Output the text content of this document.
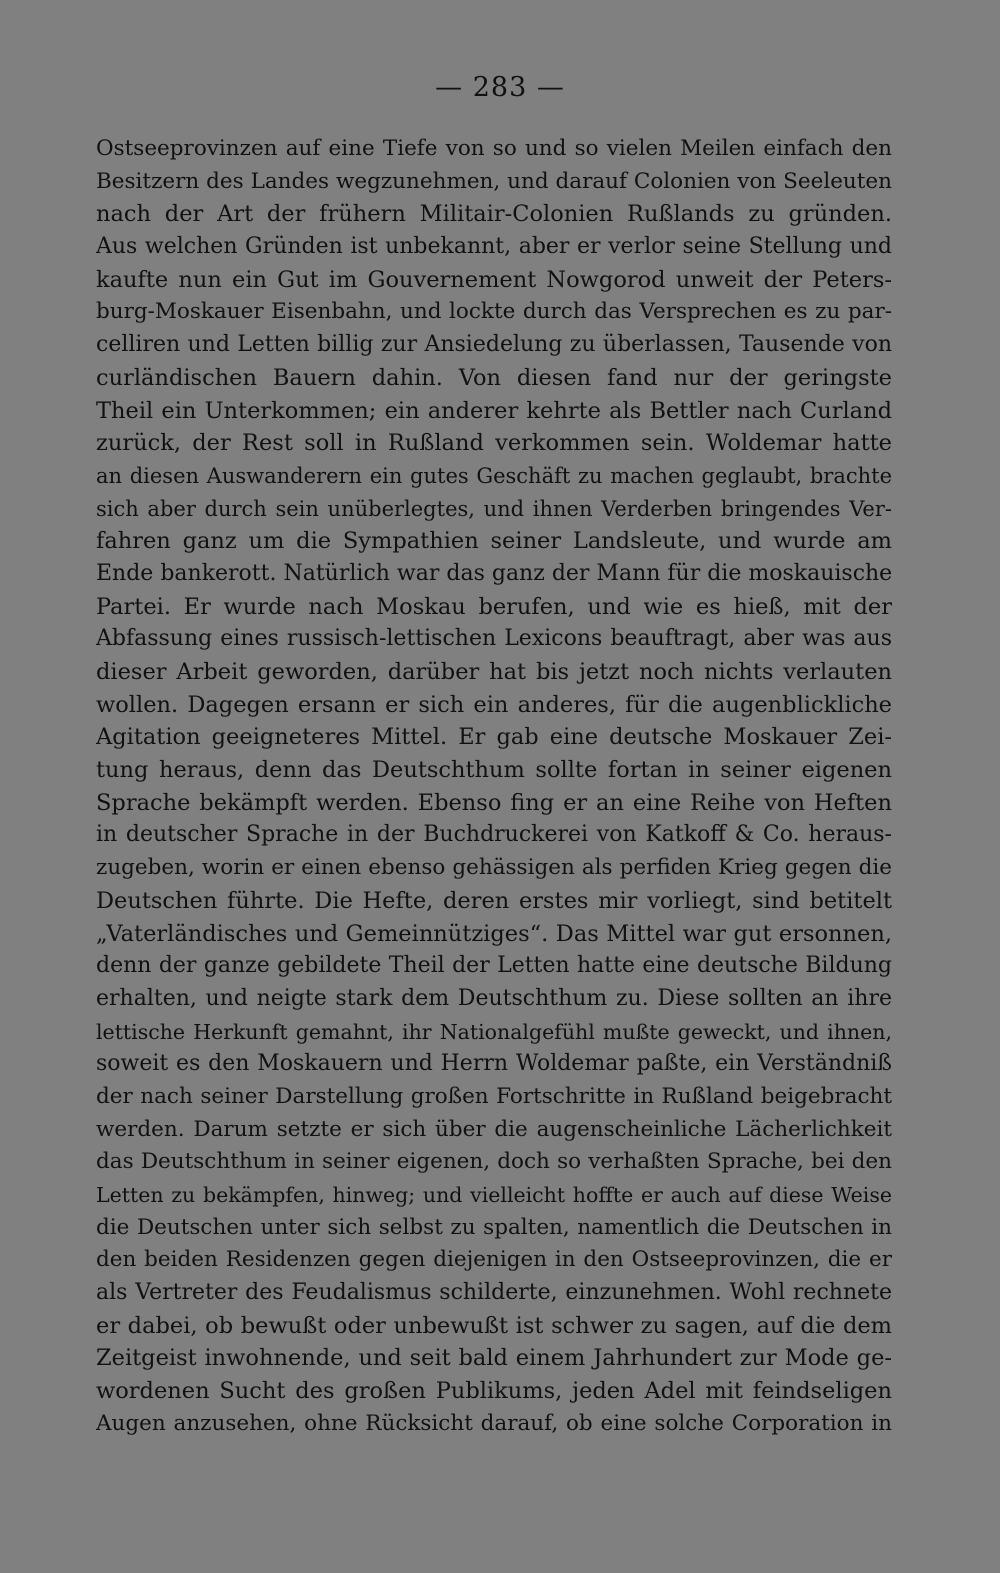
— 283 —
Ostseeprovinzen auf eine Tiefe von so und so vielen Meilen einfach den
Besitzern des Landes wegzunehmen, und darauf Colonien von Seeleuten
nach der Art der frühern Militair-Colonien Rußlands zu gründen.
Aus welchen Gründen ist unbekannt, aber er verlor seine Stellung und
kaufte nun ein Gut im Gouvernement Nowgorod unweit der Peters-
burg-Moskauer Eisenbahn, und lockte durch das Versprechen es zu par-
celliren und Letten billig zur Ansiedelung zu überlassen, Tausende von
curländischen Bauern dahin. Von diesen fand nur der geringste
Theil ein Unterkommen; ein anderer kehrte als Bettler nach Curland
zurück, der Rest soll in Rußland verkommen sein. Woldemar hatte
an diesen Auswanderern ein gutes Geschäft zu machen geglaubt, brachte
sich aber durch sein unüberlegtes, und ihnen Verderben bringendes Ver-
fahren ganz um die Sympathien seiner Landsleute, und wurde am
Ende bankerott. Natürlich war das ganz der Mann für die moskauische
Partei. Er wurde nach Moskau berufen, und wie es hieß, mit der
Abfassung eines russisch-lettischen Lexicons beauftragt, aber was aus
dieser Arbeit geworden, darüber hat bis jetzt noch nichts verlauten
wollen. Dagegen ersann er sich ein anderes, für die augenblickliche
Agitation geeigneteres Mittel. Er gab eine deutsche Moskauer Zei-
tung heraus, denn das Deutschthum sollte fortan in seiner eigenen
Sprache bekämpft werden. Ebenso fing er an eine Reihe von Heften
in deutscher Sprache in der Buchdruckerei von Katkoff & Co. heraus-
zugeben, worin er einen ebenso gehässigen als perfiden Krieg gegen die
Deutschen führte. Die Hefte, deren erstes mir vorliegt, sind betitelt
„Vaterländisches und Gemeinnütziges“. Das Mittel war gut ersonnen,
denn der ganze gebildete Theil der Letten hatte eine deutsche Bildung
erhalten, und neigte stark dem Deutschthum zu. Diese sollten an ihre
lettische Herkunft gemahnt, ihr Nationalgefühl mußte geweckt, und ihnen,
soweit es den Moskauern und Herrn Woldemar paßte, ein Verständniß
der nach seiner Darstellung großen Fortschritte in Rußland beigebracht
werden. Darum setzte er sich über die augenscheinliche Lächerlichkeit
das Deutschthum in seiner eigenen, doch so verhaßten Sprache, bei den
Letten zu bekämpfen, hinweg; und vielleicht hoffte er auch auf diese Weise
die Deutschen unter sich selbst zu spalten, namentlich die Deutschen in
den beiden Residenzen gegen diejenigen in den Ostseeprovinzen, die er
als Vertreter des Feudalismus schilderte, einzunehmen. Wohl rechnete
er dabei, ob bewußt oder unbewußt ist schwer zu sagen, auf die dem
Zeitgeist inwohnende, und seit bald einem Jahrhundert zur Mode ge-
wordenen Sucht des großen Publikums, jeden Adel mit feindseligen
Augen anzusehen, ohne Rücksicht darauf, ob eine solche Corporation in
